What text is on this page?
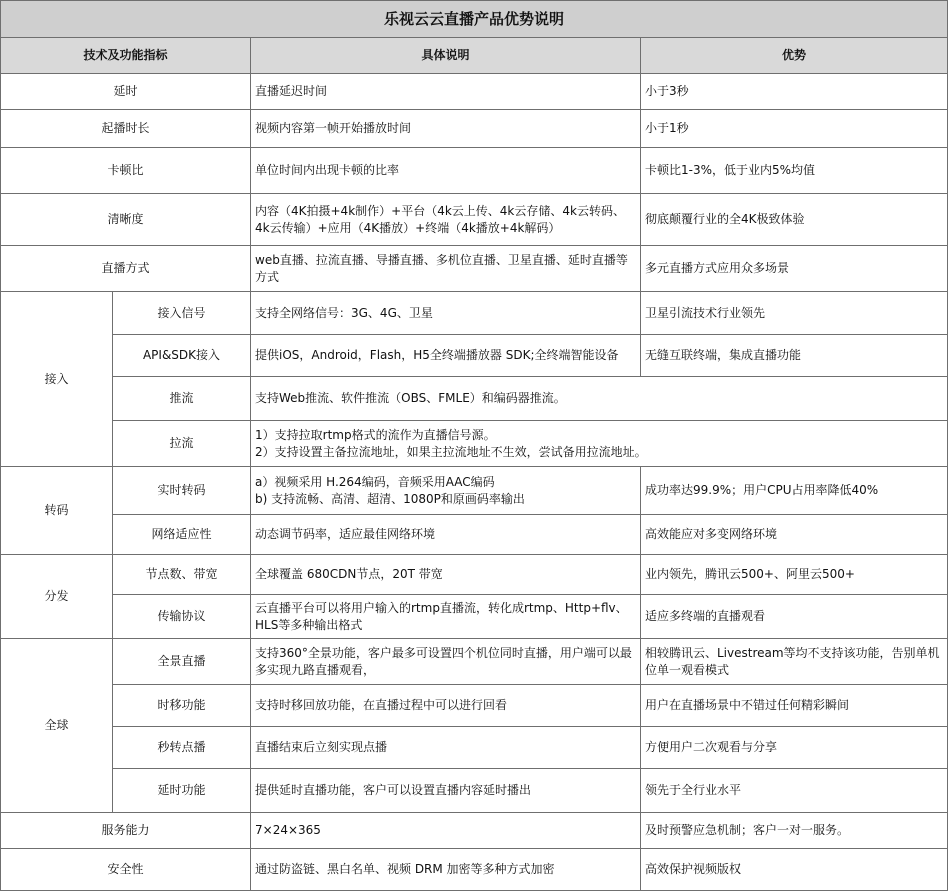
乐视云云直播产品优势说明			
技术及功能指标		具体说明	优势
延时		直播延迟时间	小于3秒
起播时长		视频内容第一帧开始播放时间	小于1秒
卡顿比		单位时间内出现卡顿的比率	卡顿比1-3%，低于业内5%均值
清晰度		内容（4K拍摄+4k制作）+平台（4k云上传、4k云存储、4k云转码、4k云传输）+应用（4K播放）+终端（4k播放+4k解码）	彻底颠覆行业的全4K极致体验
直播方式		web直播、拉流直播、导播直播、多机位直播、卫星直播、延时直播等方式	多元直播方式应用众多场景
接入	接入信号	支持全网络信号：3G、4G、卫星	卫星引流技术行业领先
	API&SDK接入	提供iOS，Android，Flash，H5全终端播放器 SDK;全终端智能设备	无缝互联终端，集成直播功能
	推流	支持Web推流、软件推流（OBS、FMLE）和编码器推流。	
	拉流	1）支持拉取rtmp格式的流作为直播信号源。
2）支持设置主备拉流地址，如果主拉流地址不生效，尝试备用拉流地址。	

转码	实时转码	a）视频采用 H.264编码，音频采用AAC编码
b) 支持流畅、高清、超清、1080P和原画码率输出	成功率达99.9%；用户CPU占用率降低40%
	网络适应性	动态调节码率，适应最佳网络环境	高效能应对多变网络环境
分发	节点数、带宽	全球覆盖 680CDN节点，20T 带宽	业内领先，腾讯云500+、阿里云500+
	传输协议	云直播平台可以将用户输入的rtmp直播流，转化成rtmp、Http+flv、HLS等多种输出格式	适应多终端的直播观看
全球	全景直播	支持360°全景功能，客户最多可设置四个机位同时直播，用户端可以最多实现九路直播观看，	相较腾讯云、Livestream等均不支持该功能，告别单机位单一观看模式
	时移功能	支持时移回放功能，在直播过程中可以进行回看	用户在直播场景中不错过任何精彩瞬间
	秒转点播	直播结束后立刻实现点播	方便用户二次观看与分享
	延时功能	提供延时直播功能，客户可以设置直播内容延时播出	领先于全行业水平
服务能力		7×24×365	及时预警应急机制；客户一对一服务。
安全性		通过防盗链、黑白名单、视频 DRM 加密等多种方式加密	高效保护视频版权
